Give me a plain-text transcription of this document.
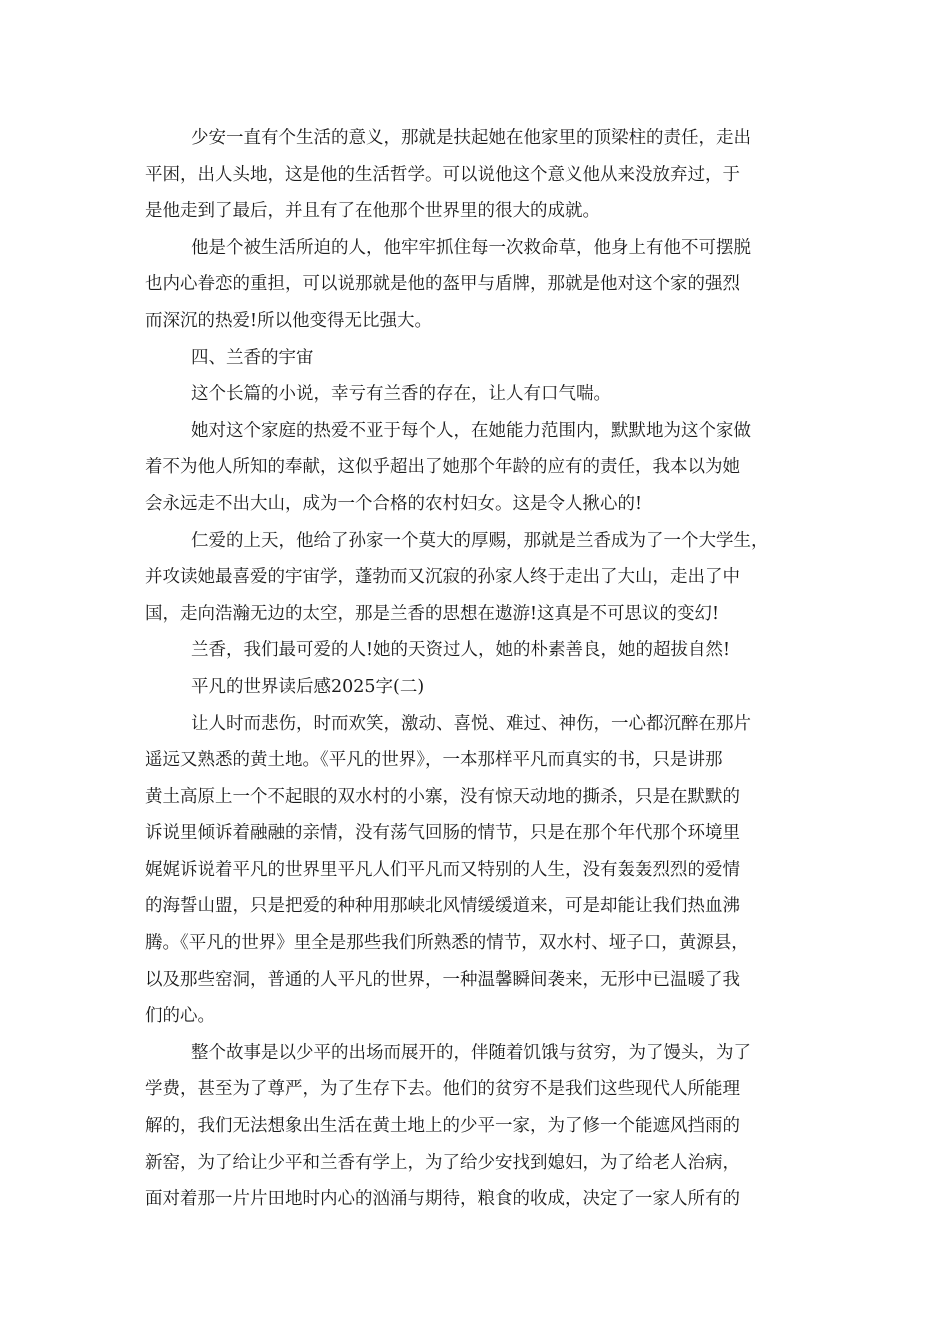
少安一直有个生活的意义，那就是扶起她在他家里的顶梁柱的责任，走出
平困，出人头地，这是他的生活哲学。可以说他这个意义他从来没放弃过，于
是他走到了最后，并且有了在他那个世界里的很大的成就。
他是个被生活所迫的人，他牢牢抓住每一次救命草，他身上有他不可摆脱
也内心眷恋的重担，可以说那就是他的盔甲与盾牌，那就是他对这个家的强烈
而深沉的热爱!所以他变得无比强大。
四、兰香的宇宙
这个长篇的小说，幸亏有兰香的存在，让人有口气喘。
她对这个家庭的热爱不亚于每个人，在她能力范围内，默默地为这个家做
着不为他人所知的奉献，这似乎超出了她那个年龄的应有的责任，我本以为她
会永远走不出大山，成为一个合格的农村妇女。这是令人揪心的!
仁爱的上天，他给了孙家一个莫大的厚赐，那就是兰香成为了一个大学生，
并攻读她最喜爱的宇宙学，蓬勃而又沉寂的孙家人终于走出了大山，走出了中
国，走向浩瀚无边的太空，那是兰香的思想在遨游!这真是不可思议的变幻!
兰香，我们最可爱的人!她的天资过人，她的朴素善良，她的超拔自然!
平凡的世界读后感2025字(二)
让人时而悲伤，时而欢笑，激动、喜悦、难过、神伤，一心都沉醉在那片
遥远又熟悉的黄土地。《平凡的世界》，一本那样平凡而真实的书，只是讲那
黄土高原上一个不起眼的双水村的小寨，没有惊天动地的撕杀，只是在默默的
诉说里倾诉着融融的亲情，没有荡气回肠的情节，只是在那个年代那个环境里
娓娓诉说着平凡的世界里平凡人们平凡而又特别的人生，没有轰轰烈烈的爱情
的海誓山盟，只是把爱的种种用那峡北风情缓缓道来，可是却能让我们热血沸
腾。《平凡的世界》里全是那些我们所熟悉的情节，双水村、垭子口，黄源县，
以及那些窑洞，普通的人平凡的世界，一种温馨瞬间袭来，无形中已温暖了我
们的心。
整个故事是以少平的出场而展开的，伴随着饥饿与贫穷，为了馒头，为了
学费，甚至为了尊严，为了生存下去。他们的贫穷不是我们这些现代人所能理
解的，我们无法想象出生活在黄土地上的少平一家，为了修一个能遮风挡雨的
新窑，为了给让少平和兰香有学上，为了给少安找到媳妇，为了给老人治病，
面对着那一片片田地时内心的汹涌与期待，粮食的收成，决定了一家人所有的
